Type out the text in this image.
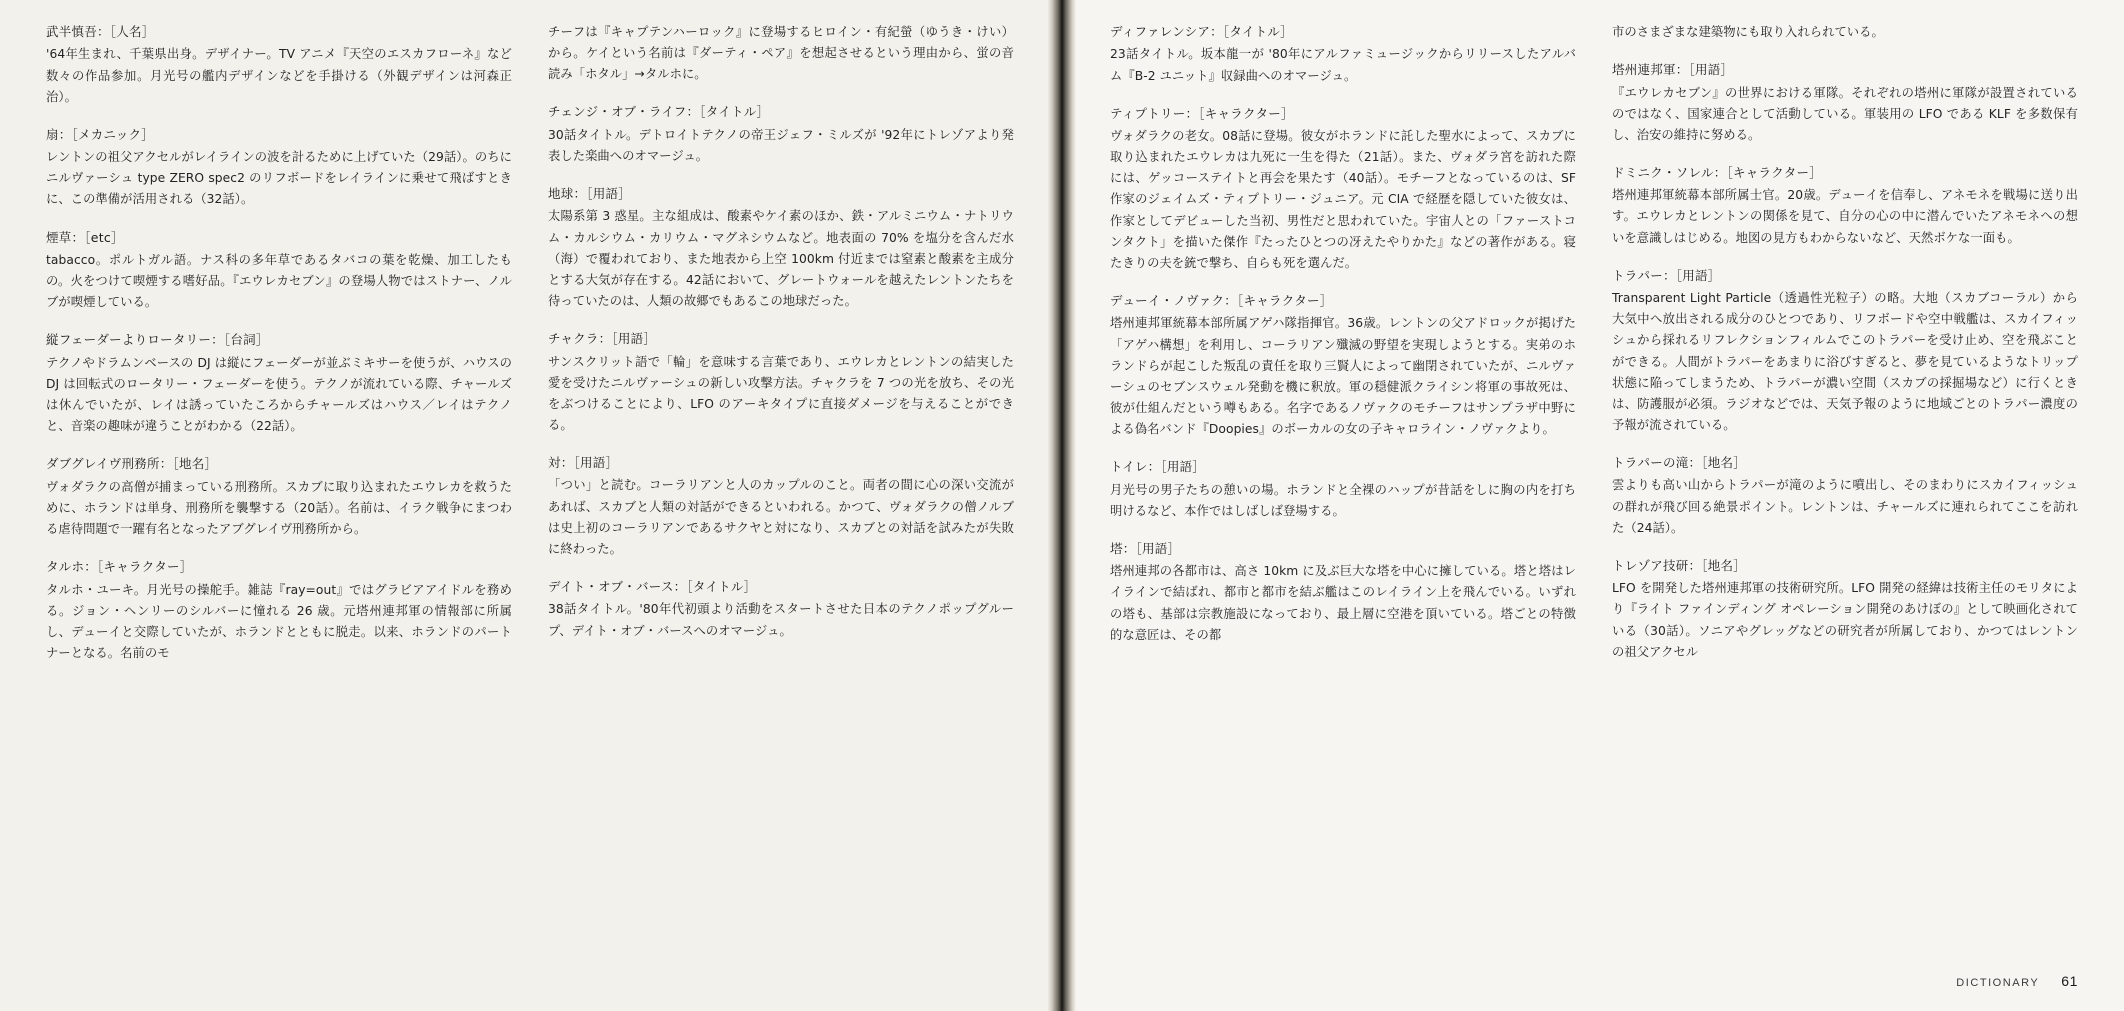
武半慎吾：［人名］

'64年生まれ、千葉県出身。デザイナー。TV アニメ『天空のエスカフローネ』など数々の作品参加。月光号の艦内デザインなどを手掛ける（外観デザインは河森正治）。

扇：［メカニック］

レントンの祖父アクセルがレイラインの波を計るために上げていた（29話）。のちにニルヴァーシュ type ZERO spec2 のリフボードをレイラインに乗せて飛ばすときに、この準備が活用される（32話）。

煙草：［etc］

tabacco。ポルトガル語。ナス科の多年草であるタバコの葉を乾燥、加工したもの。火をつけて喫煙する嗜好品。『エウレカセブン』の登場人物ではストナー、ノルブが喫煙している。

縦フェーダーよりロータリー：［台詞］

テクノやドラムンベースの DJ は縦にフェーダーが並ぶミキサーを使うが、ハウスの DJ は回転式のロータリー・フェーダーを使う。テクノが流れている際、チャールズは休んでいたが、レイは誘っていたころからチャールズはハウス／レイはテクノと、音楽の趣味が違うことがわかる（22話）。

ダブグレイヴ刑務所：［地名］

ヴォダラクの高僧が捕まっている刑務所。スカブに取り込まれたエウレカを救うために、ホランドは単身、刑務所を襲撃する（20話）。名前は、イラク戦争にまつわる虐待問題で一躍有名となったアブグレイヴ刑務所から。

タルホ：［キャラクター］

タルホ・ユーキ。月光号の操舵手。雑誌『ray=out』ではグラビアアイドルを務める。ジョン・ヘンリーのシルバーに憧れる 26 歳。元塔州連邦軍の情報部に所属し、デューイと交際していたが、ホランドとともに脱走。以来、ホランドのパートナーとなる。名前のモ

チーフは『キャプテンハーロック』に登場するヒロイン・有紀螢（ゆうき・けい）から。ケイという名前は『ダーティ・ペア』を想起させるという理由から、蛍の音読み「ホタル」→タルホに。

チェンジ・オブ・ライフ：［タイトル］

30話タイトル。デトロイトテクノの帝王ジェフ・ミルズが '92年にトレゾアより発表した楽曲へのオマージュ。

地球：［用語］

太陽系第 3 惑星。主な組成は、酸素やケイ素のほか、鉄・アルミニウム・ナトリウム・カルシウム・カリウム・マグネシウムなど。地表面の 70% を塩分を含んだ水（海）で覆われており、また地表から上空 100km 付近までは窒素と酸素を主成分とする大気が存在する。42話において、グレートウォールを越えたレントンたちを待っていたのは、人類の故郷でもあるこの地球だった。

チャクラ：［用語］

サンスクリット語で「輪」を意味する言葉であり、エウレカとレントンの結実した愛を受けたニルヴァーシュの新しい攻撃方法。チャクラを 7 つの光を放ち、その光をぶつけることにより、LFO のアーキタイプに直接ダメージを与えることができる。

対：［用語］

「つい」と読む。コーラリアンと人のカップルのこと。両者の間に心の深い交流があれば、スカブと人類の対話ができるといわれる。かつて、ヴォダラクの僧ノルブは史上初のコーラリアンであるサクヤと対になり、スカブとの対話を試みたが失敗に終わった。

デイト・オブ・バース：［タイトル］

38話タイトル。'80年代初頭より活動をスタートさせた日本のテクノポップグループ、デイト・オブ・バースへのオマージュ。

ディファレンシア：［タイトル］

23話タイトル。坂本龍一が '80年にアルファミュージックからリリースしたアルバム『B-2 ユニット』収録曲へのオマージュ。

ティプトリー：［キャラクター］

ヴォダラクの老女。08話に登場。彼女がホランドに託した聖水によって、スカブに取り込まれたエウレカは九死に一生を得た（21話）。また、ヴォダラ宮を訪れた際には、ゲッコーステイトと再会を果たす（40話）。モチーフとなっているのは、SF 作家のジェイムズ・ティプトリー・ジュニア。元 CIA で経歴を隠していた彼女は、作家としてデビューした当初、男性だと思われていた。宇宙人との「ファーストコンタクト」を描いた傑作『たったひとつの冴えたやりかた』などの著作がある。寝たきりの夫を銃で撃ち、自らも死を選んだ。

デューイ・ノヴァク：［キャラクター］

塔州連邦軍統幕本部所属アゲハ隊指揮官。36歳。レントンの父アドロックが掲げた「アゲハ構想」を利用し、コーラリアン殲滅の野望を実現しようとする。実弟のホランドらが起こした叛乱の責任を取り三賢人によって幽閉されていたが、ニルヴァーシュのセブンスウェル発動を機に釈放。軍の穏健派クライシン将軍の事故死は、彼が仕組んだという噂もある。名字であるノヴァクのモチーフはサンプラザ中野による偽名バンド『Doopies』のボーカルの女の子キャロライン・ノヴァクより。

トイレ：［用語］

月光号の男子たちの憩いの場。ホランドと全裸のハップが昔話をしに胸の内を打ち明けるなど、本作ではしばしば登場する。

塔：［用語］

塔州連邦の各都市は、高さ 10km に及ぶ巨大な塔を中心に擁している。塔と塔はレイラインで結ばれ、都市と都市を結ぶ艦はこのレイライン上を飛んでいる。いずれの塔も、基部は宗教施設になっており、最上層に空港を頂いている。塔ごとの特徴的な意匠は、その都

市のさまざまな建築物にも取り入れられている。

塔州連邦軍：［用語］

『エウレカセブン』の世界における軍隊。それぞれの塔州に軍隊が設置されているのではなく、国家連合として活動している。軍装用の LFO である KLF を多数保有し、治安の維持に努める。

ドミニク・ソレル：［キャラクター］

塔州連邦軍統幕本部所属士官。20歳。デューイを信奉し、アネモネを戦場に送り出す。エウレカとレントンの関係を見て、自分の心の中に潜んでいたアネモネへの想いを意識しはじめる。地図の見方もわからないなど、天然ボケな一面も。

トラパー：［用語］

Transparent Light Particle（透過性光粒子）の略。大地（スカブコーラル）から大気中へ放出される成分のひとつであり、リフボードや空中戦艦は、スカイフィッシュから採れるリフレクションフィルムでこのトラパーを受け止め、空を飛ぶことができる。人間がトラパーをあまりに浴びすぎると、夢を見ているようなトリップ状態に陥ってしまうため、トラパーが濃い空間（スカブの採掘場など）に行くときは、防護服が必須。ラジオなどでは、天気予報のように地域ごとのトラパー濃度の予報が流されている。

トラパーの滝：［地名］

雲よりも高い山からトラパーが滝のように噴出し、そのまわりにスカイフィッシュの群れが飛び回る絶景ポイント。レントンは、チャールズに連れられてここを訪れた（24話）。

トレゾア技研：［地名］

LFO を開発した塔州連邦軍の技術研究所。LFO 開発の経緯は技術主任のモリタにより『ライト ファインディング オペレーション開発のあけぼの』として映画化されている（30話）。ソニアやグレッグなどの研究者が所属しており、かつてはレントンの祖父アクセル

DICTIONARY 61
